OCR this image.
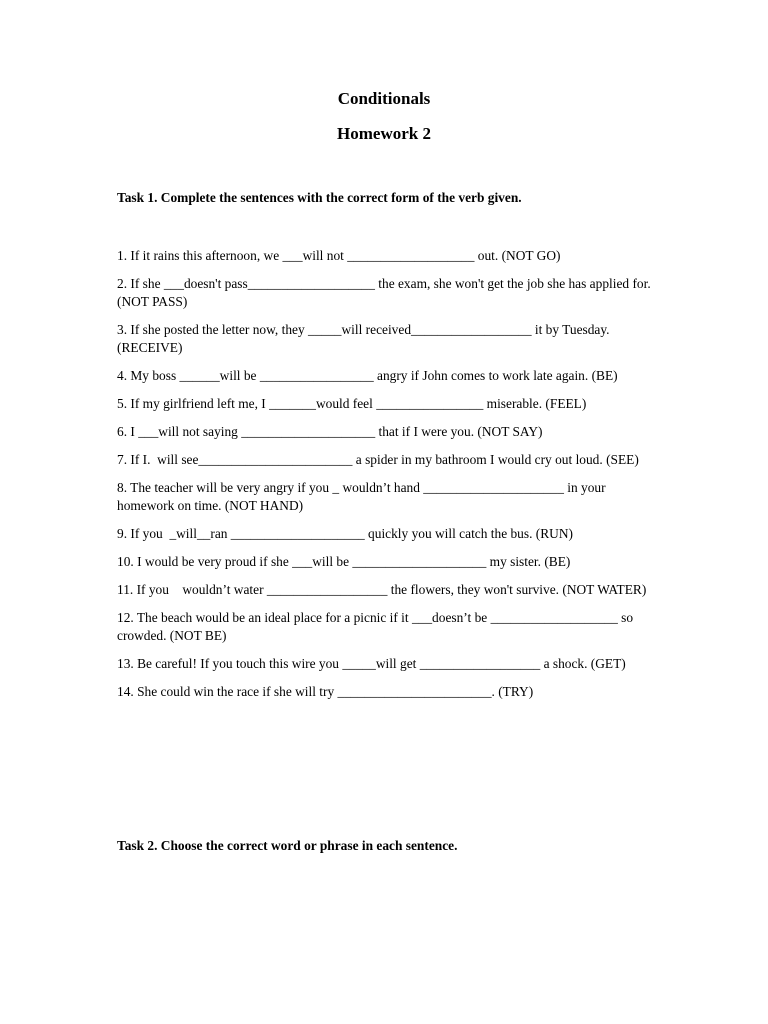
Conditionals
Homework 2

Task 1. Complete the sentences with the correct form of the verb given.

1. If it rains this afternoon, we ___will not ___________________ out. (NOT GO)
2. If she ___doesn't pass___________________ the exam, she won't get the job she has applied for. (NOT PASS)
3. If she posted the letter now, they _____will received__________________ it by Tuesday. (RECEIVE)
4. My boss ______will be _________________ angry if John comes to work late again. (BE)
5. If my girlfriend left me, I _______would feel ________________ miserable. (FEEL)
6. I ___will not saying ____________________ that if I were you. (NOT SAY)
7. If I.  will see_______________________ a spider in my bathroom I would cry out loud. (SEE)
8. The teacher will be very angry if you _ wouldn’t hand _____________________ in your homework on time. (NOT HAND)
9. If you  _will__ran ____________________ quickly you will catch the bus. (RUN)
10. I would be very proud if she ___will be ____________________ my sister. (BE)
11. If you    wouldn’t water __________________ the flowers, they won't survive. (NOT WATER)
12. The beach would be an ideal place for a picnic if it ___doesn’t be ___________________ so crowded. (NOT BE)
13. Be careful! If you touch this wire you _____will get __________________ a shock. (GET)
14. She could win the race if she will try _______________________. (TRY)

Task 2. Choose the correct word or phrase in each sentence.
